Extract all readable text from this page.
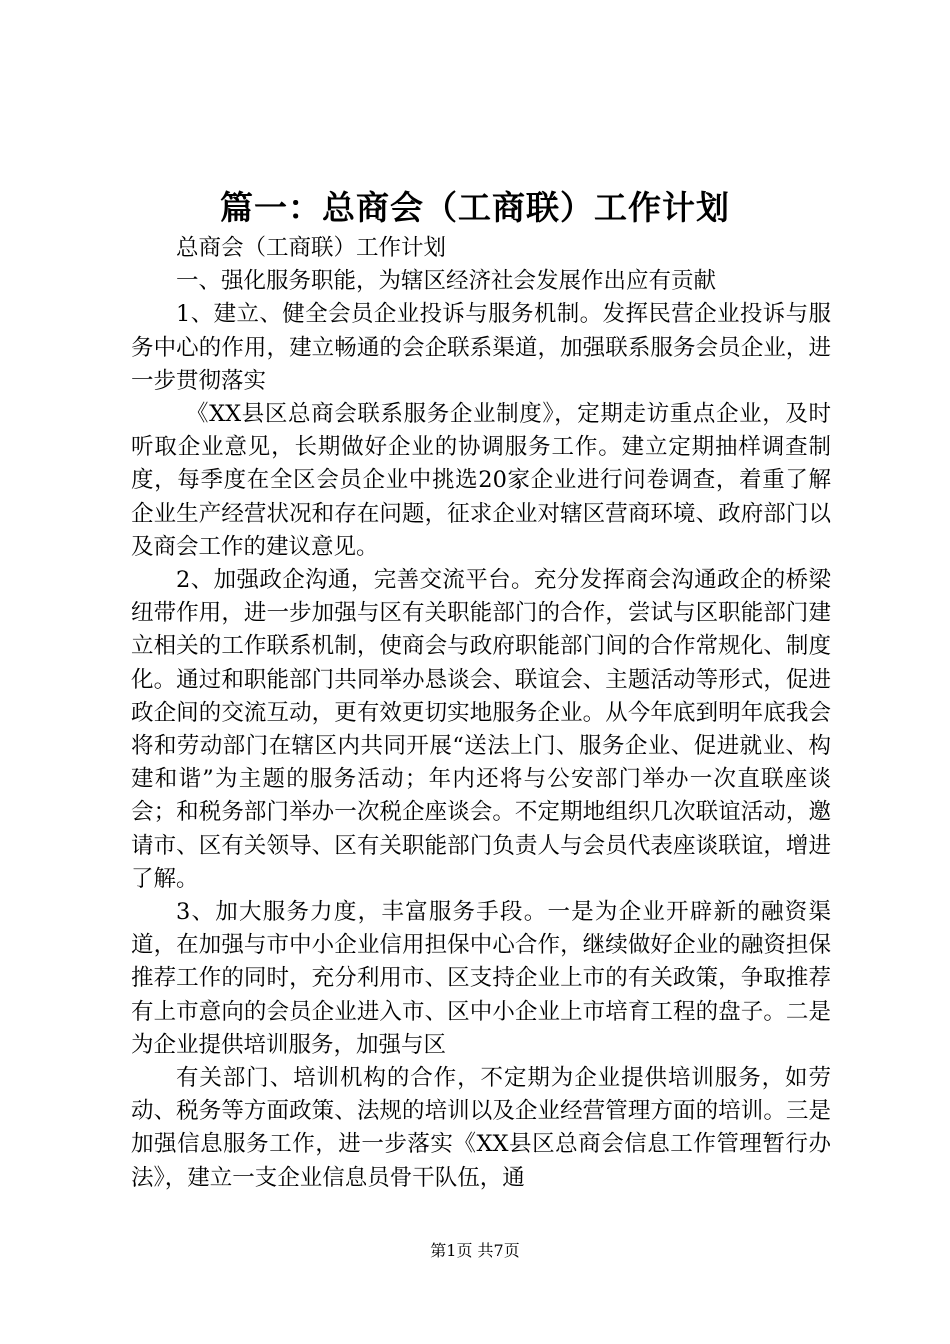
篇一：总商会（工商联）工作计划

总商会（工商联）工作计划

一、强化服务职能，为辖区经济社会发展作出应有贡献

1、建立、健全会员企业投诉与服务机制。发挥民营企业投诉与服务中心的作用，建立畅通的会企联系渠道，加强联系服务会员企业，进一步贯彻落实

《XX县区总商会联系服务企业制度》，定期走访重点企业，及时听取企业意见，长期做好企业的协调服务工作。建立定期抽样调查制度，每季度在全区会员企业中挑选20家企业进行问卷调查，着重了解企业生产经营状况和存在问题，征求企业对辖区营商环境、政府部门以及商会工作的建议意见。

2、加强政企沟通，完善交流平台。充分发挥商会沟通政企的桥梁纽带作用，进一步加强与区有关职能部门的合作，尝试与区职能部门建立相关的工作联系机制，使商会与政府职能部门间的合作常规化、制度化。通过和职能部门共同举办恳谈会、联谊会、主题活动等形式，促进政企间的交流互动，更有效更切实地服务企业。从今年底到明年底我会将和劳动部门在辖区内共同开展“送法上门、服务企业、促进就业、构建和谐”为主题的服务活动；年内还将与公安部门举办一次直联座谈会；和税务部门举办一次税企座谈会。不定期地组织几次联谊活动，邀请市、区有关领导、区有关职能部门负责人与会员代表座谈联谊，增进了解。

3、加大服务力度，丰富服务手段。一是为企业开辟新的融资渠道，在加强与市中小企业信用担保中心合作，继续做好企业的融资担保推荐工作的同时，充分利用市、区支持企业上市的有关政策，争取推荐有上市意向的会员企业进入市、区中小企业上市培育工程的盘子。二是为企业提供培训服务，加强与区

有关部门、培训机构的合作，不定期为企业提供培训服务，如劳动、税务等方面政策、法规的培训以及企业经营管理方面的培训。三是加强信息服务工作，进一步落实《XX县区总商会信息工作管理暂行办法》，建立一支企业信息员骨干队伍，通

第1页 共7页
